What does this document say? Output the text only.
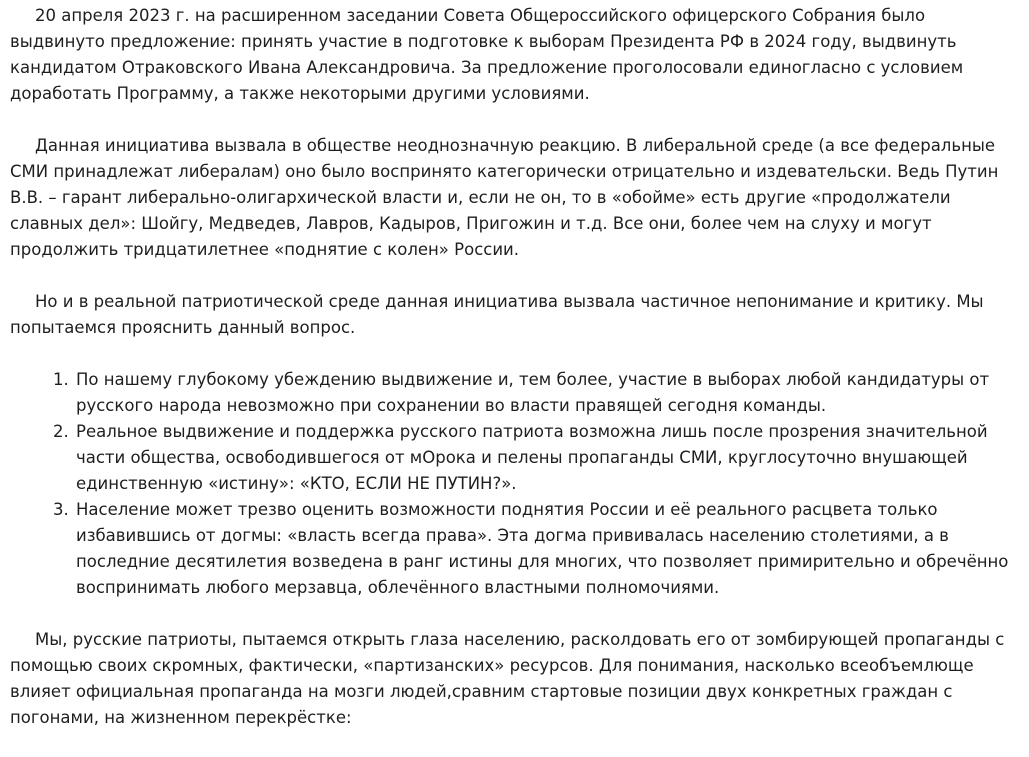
20 апреля 2023 г. на расширенном заседании Совета Общероссийского офицерского Собрания было выдвинуто предложение: принять участие в подготовке к выборам Президента РФ в 2024 году, выдвинуть кандидатом Отраковского Ивана Александровича. За предложение проголосовали единогласно с условием доработать Программу, а также некоторыми другими условиями.

Данная инициатива вызвала в обществе неоднозначную реакцию. В либеральной среде (а все федеральные СМИ принадлежат либералам) оно было воспринято категорически отрицательно и издевательски. Ведь Путин В.В. – гарант либерально-олигархической власти и, если не он, то в «обойме» есть другие «продолжатели славных дел»: Шойгу, Медведев, Лавров, Кадыров, Пригожин и т.д. Все они, более чем на слуху и могут продолжить тридцатилетнее «поднятие с колен» России.

Но и в реальной патриотической среде данная инициатива вызвала частичное непонимание и критику. Мы попытаемся прояснить данный вопрос.

1. По нашему глубокому убеждению выдвижение и, тем более, участие в выборах любой кандидатуры от русского народа невозможно при сохранении во власти правящей сегодня команды.
2. Реальное выдвижение и поддержка русского патриота возможна лишь после прозрения значительной части общества, освободившегося от мОрока и пелены пропаганды СМИ, круглосуточно внушающей единственную «истину»: «КТО, ЕСЛИ НЕ ПУТИН?».
3. Население может трезво оценить возможности поднятия России и её реального расцвета только избавившись от догмы: «власть всегда права». Эта догма прививалась населению столетиями, а в последние десятилетия возведена в ранг истины для многих, что позволяет примирительно и обречённо воспринимать любого мерзавца, облечённого властными полномочиями.

Мы, русские патриоты, пытаемся открыть глаза населению, расколдовать его от зомбирующей пропаганды с помощью своих скромных, фактически, «партизанских» ресурсов. Для понимания, насколько всеобъемлюще влияет официальная пропаганда на мозги людей,сравним стартовые позиции двух конкретных граждан с погонами, на жизненном перекрёстке:
